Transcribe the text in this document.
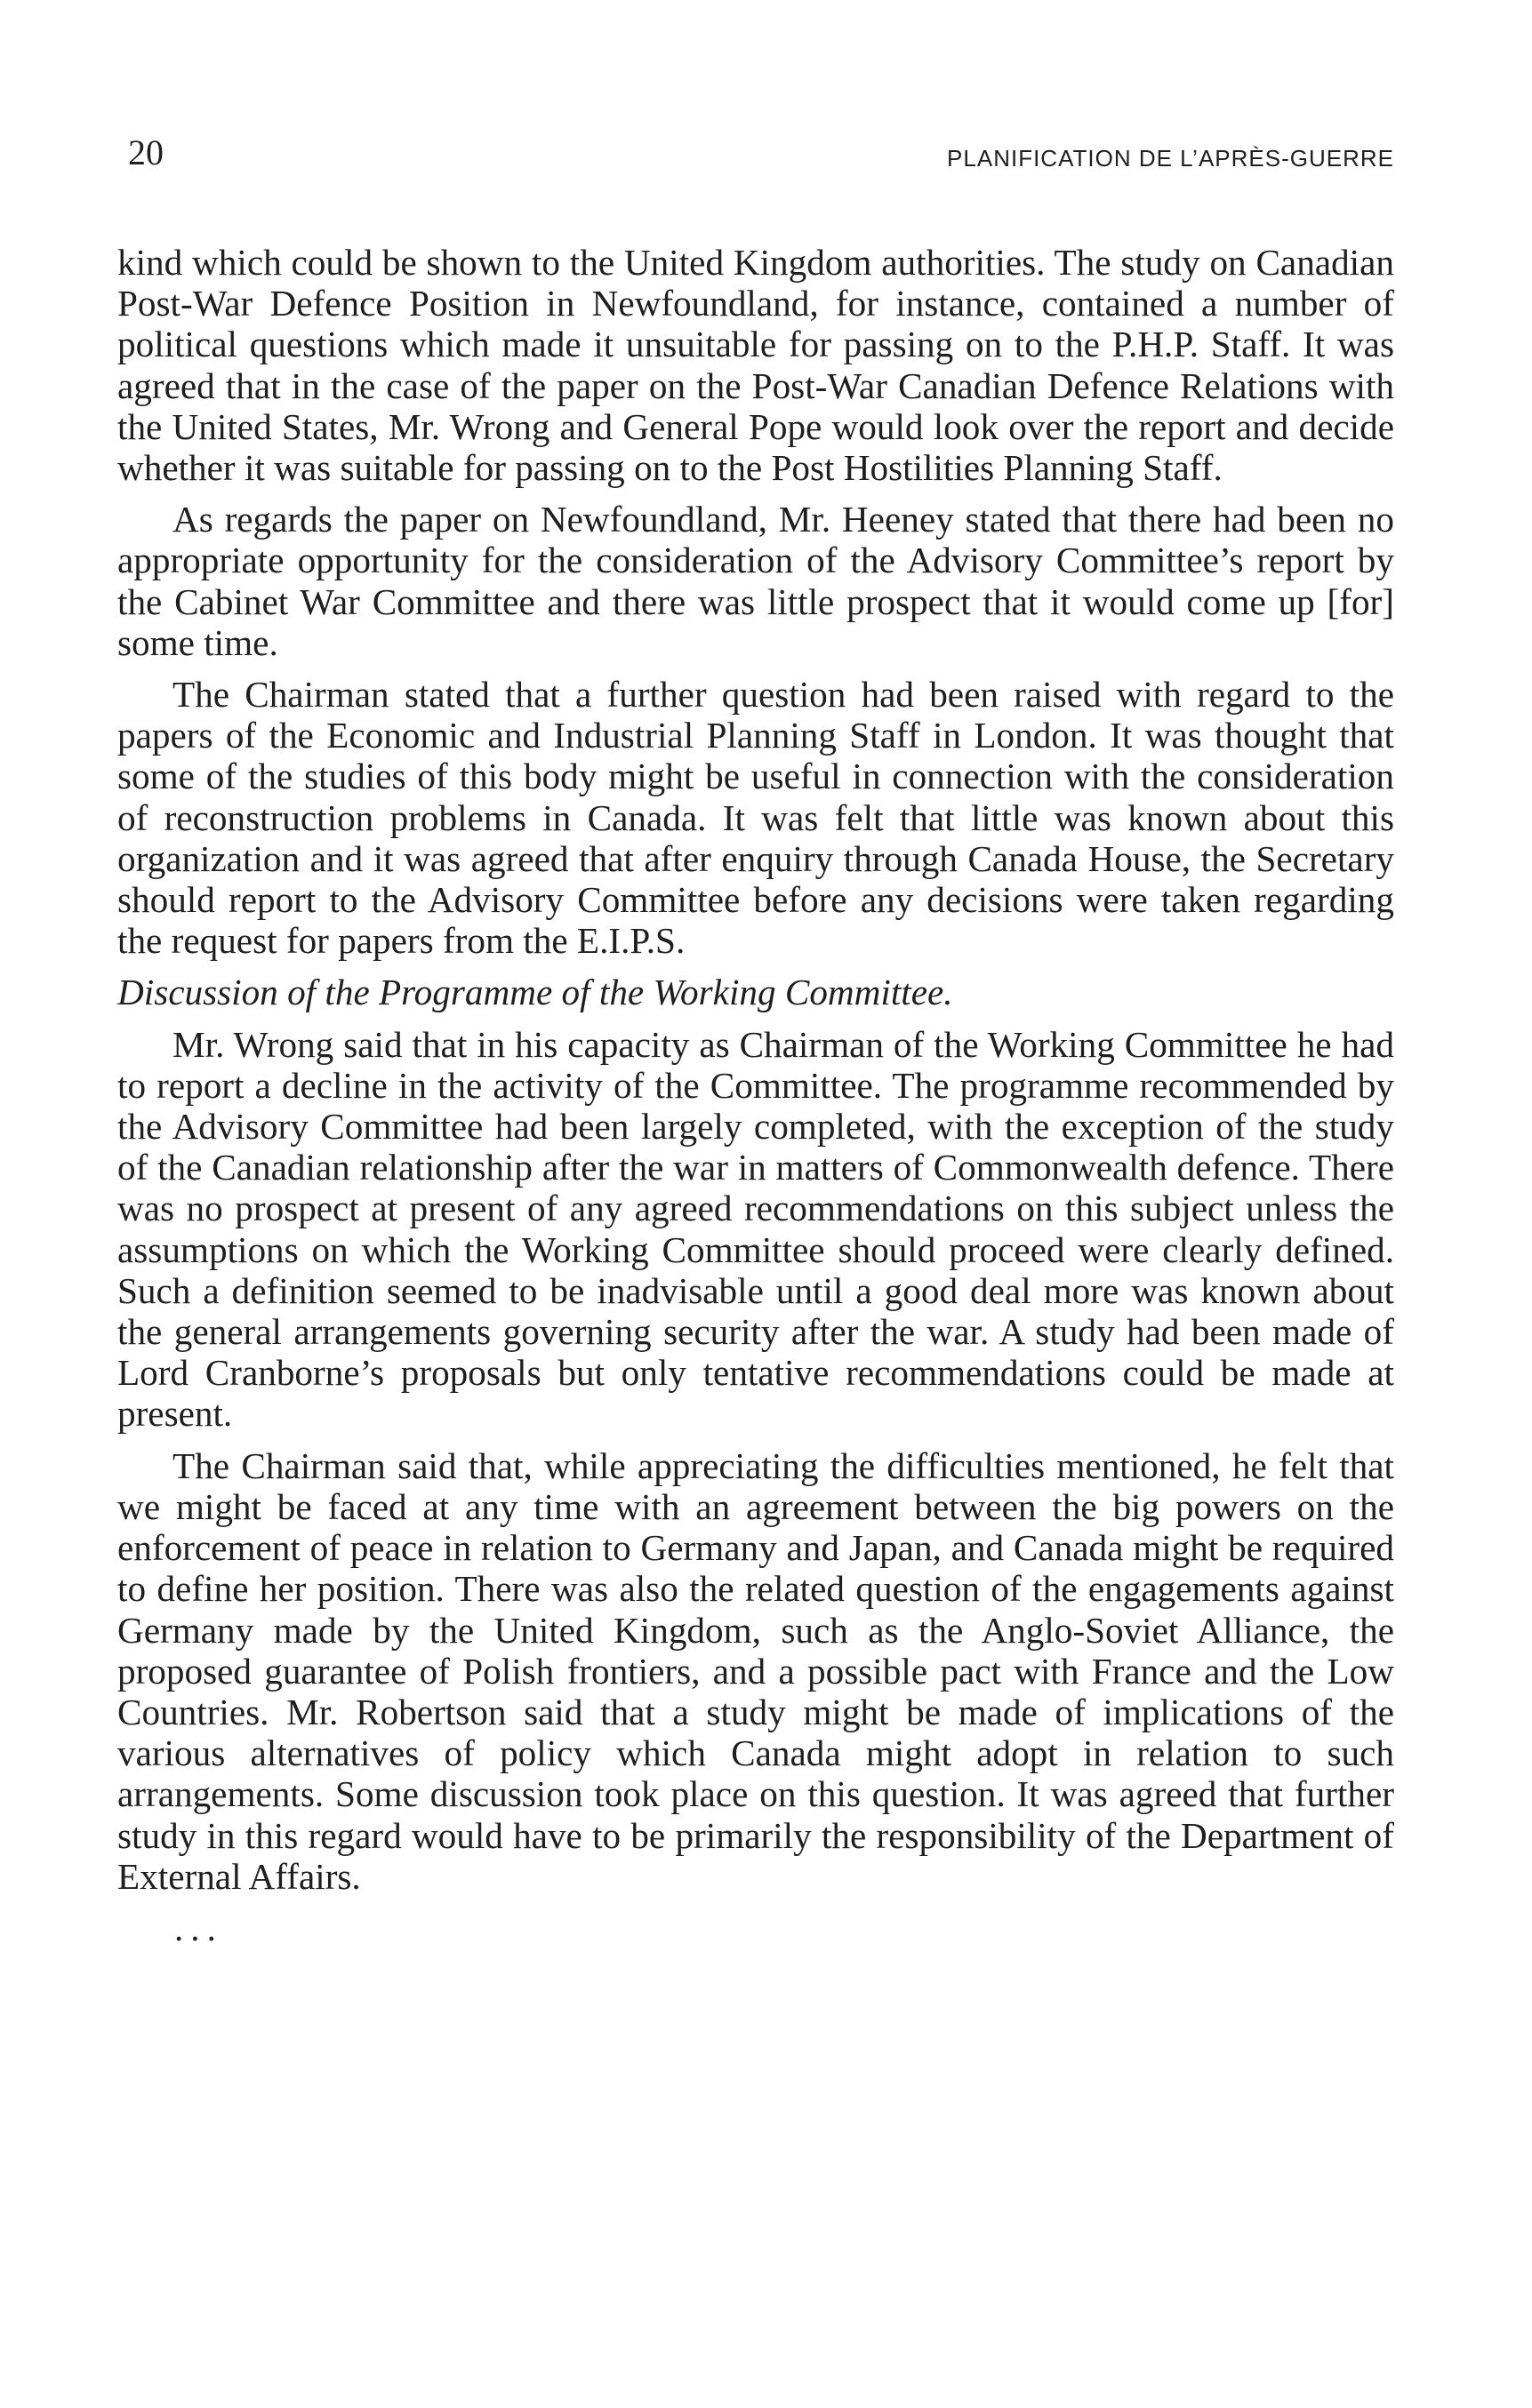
20	PLANIFICATION DE L’APRÈS-GUERRE

kind which could be shown to the United Kingdom authorities. The study on Canadian Post-War Defence Position in Newfoundland, for instance, contained a number of political questions which made it unsuitable for passing on to the P.H.P. Staff. It was agreed that in the case of the paper on the Post-War Canadian Defence Relations with the United States, Mr. Wrong and General Pope would look over the report and decide whether it was suitable for passing on to the Post Hostilities Planning Staff.

As regards the paper on Newfoundland, Mr. Heeney stated that there had been no appropriate opportunity for the consideration of the Advisory Committee’s report by the Cabinet War Committee and there was little prospect that it would come up [for] some time.

The Chairman stated that a further question had been raised with regard to the papers of the Economic and Industrial Planning Staff in London. It was thought that some of the studies of this body might be useful in connection with the consideration of reconstruction problems in Canada. It was felt that little was known about this organization and it was agreed that after enquiry through Canada House, the Secretary should report to the Advisory Committee before any decisions were taken regarding the request for papers from the E.I.P.S.

Discussion of the Programme of the Working Committee.

Mr. Wrong said that in his capacity as Chairman of the Working Committee he had to report a decline in the activity of the Committee. The programme recommended by the Advisory Committee had been largely completed, with the exception of the study of the Canadian relationship after the war in matters of Commonwealth defence. There was no prospect at present of any agreed recommendations on this subject unless the assumptions on which the Working Committee should proceed were clearly defined. Such a definition seemed to be inadvisable until a good deal more was known about the general arrangements governing security after the war. A study had been made of Lord Cranborne’s proposals but only tentative recommendations could be made at present.

The Chairman said that, while appreciating the difficulties mentioned, he felt that we might be faced at any time with an agreement between the big powers on the enforcement of peace in relation to Germany and Japan, and Canada might be required to define her position. There was also the related question of the engagements against Germany made by the United Kingdom, such as the Anglo-Soviet Alliance, the proposed guarantee of Polish frontiers, and a possible pact with France and the Low Countries. Mr. Robertson said that a study might be made of implications of the various alternatives of policy which Canada might adopt in relation to such arrangements. Some discussion took place on this question. It was agreed that further study in this regard would have to be primarily the responsibility of the Department of External Affairs.

...
